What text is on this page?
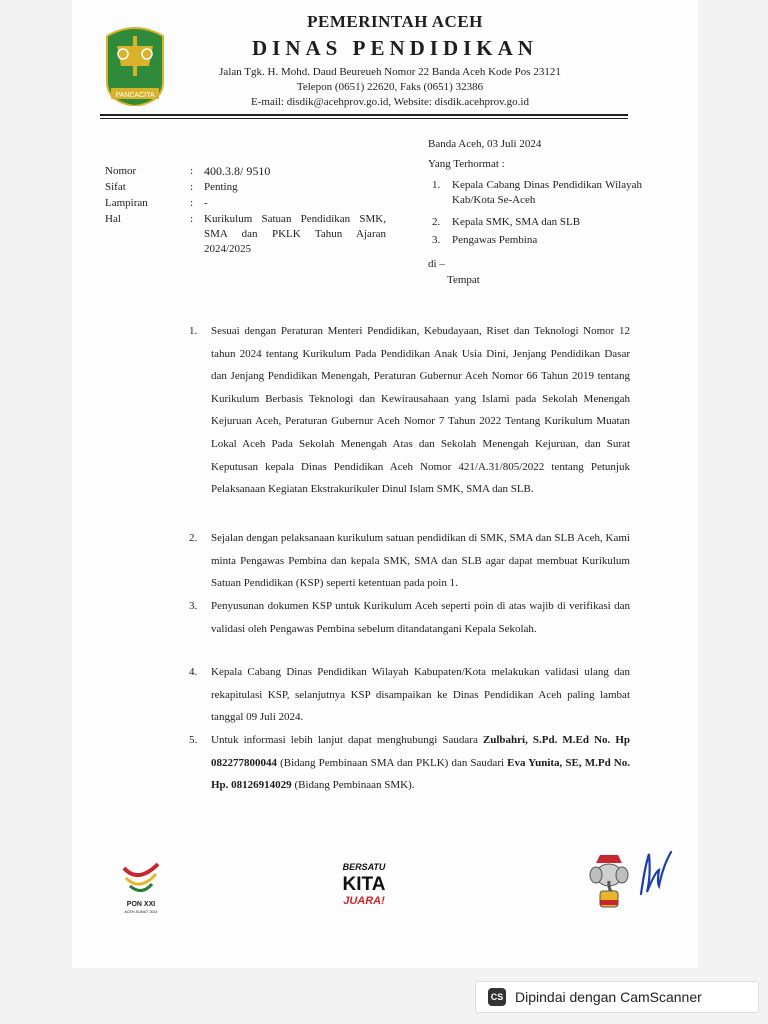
PANCACITA
PEMERINTAH ACEH
DINAS PENDIDIKAN
Jalan Tgk. H. Mohd. Daud Beureueh Nomor 22 Banda Aceh Kode Pos 23121
Telepon (0651) 22620, Faks (0651) 32386
E-mail: disdik@acehprov.go.id, Website: disdik.acehprov.go.id
Banda Aceh, 03 Juli 2024
Yang Terhormat :
1. Kepala Cabang Dinas Pendidikan Wilayah Kab/Kota Se-Aceh
2. Kepala SMK, SMA dan SLB
3. Pengawas Pembina
di –
Tempat
Nomor	: 400.3.8/ 9510
Sifat	: Penting
Lampiran	: -
Hal	: Kurikulum Satuan Pendidikan SMK, SMA dan PKLK Tahun Ajaran 2024/2025
1. Sesuai dengan Peraturan Menteri Pendidikan, Kebudayaan, Riset dan Teknologi Nomor 12 tahun 2024 tentang Kurikulum Pada Pendidikan Anak Usia Dini, Jenjang Pendidikan Dasar dan Jenjang Pendidikan Menengah, Peraturan Gubernur Aceh Nomor 66 Tahun 2019 tentang Kurikulum Berbasis Teknologi dan Kewirausahaan yang Islami pada Sekolah Menengah Kejuruan Aceh, Peraturan Gubernur Aceh Nomor 7 Tahun 2022 Tentang Kurikulum Muatan Lokal Aceh Pada Sekolah Menengah Atas dan Sekolah Menengah Kejuruan, dan Surat Keputusan kepala Dinas Pendidikan Aceh Nomor 421/A.31/805/2022 tentang Petunjuk Pelaksanaan Kegiatan Ekstrakurikuler Dinul Islam SMK, SMA dan SLB.
2. Sejalan dengan pelaksanaan kurikulum satuan pendidikan di SMK, SMA dan SLB Aceh, Kami minta Pengawas Pembina dan kepala SMK, SMA dan SLB agar dapat membuat Kurikulum Satuan Pendidikan (KSP) seperti ketentuan pada poin 1.
3. Penyusunan dokumen KSP untuk Kurikulum Aceh seperti poin di atas wajib di verifikasi dan validasi oleh Pengawas Pembina sebelum ditandatangani Kepala Sekolah.
4. Kepala Cabang Dinas Pendidikan Wilayah Kabupaten/Kota melakukan validasi ulang dan rekapitulasi KSP, selanjutnya KSP disampaikan ke Dinas Pendidikan Aceh paling lambat tanggal 09 Juli 2024.
5. Untuk informasi lebih lanjut dapat menghubungi Saudara Zulbahri, S.Pd. M.Ed No. Hp 082277800044 (Bidang Pembinaan SMA dan PKLK) dan Saudari Eva Yunita, SE, M.Pd No. Hp. 08126914029 (Bidang Pembinaan SMK).
PON XXI
ACEH-SUMUT 2024
BERSATU
KITA
JUARA!
CS Dipindai dengan CamScanner
